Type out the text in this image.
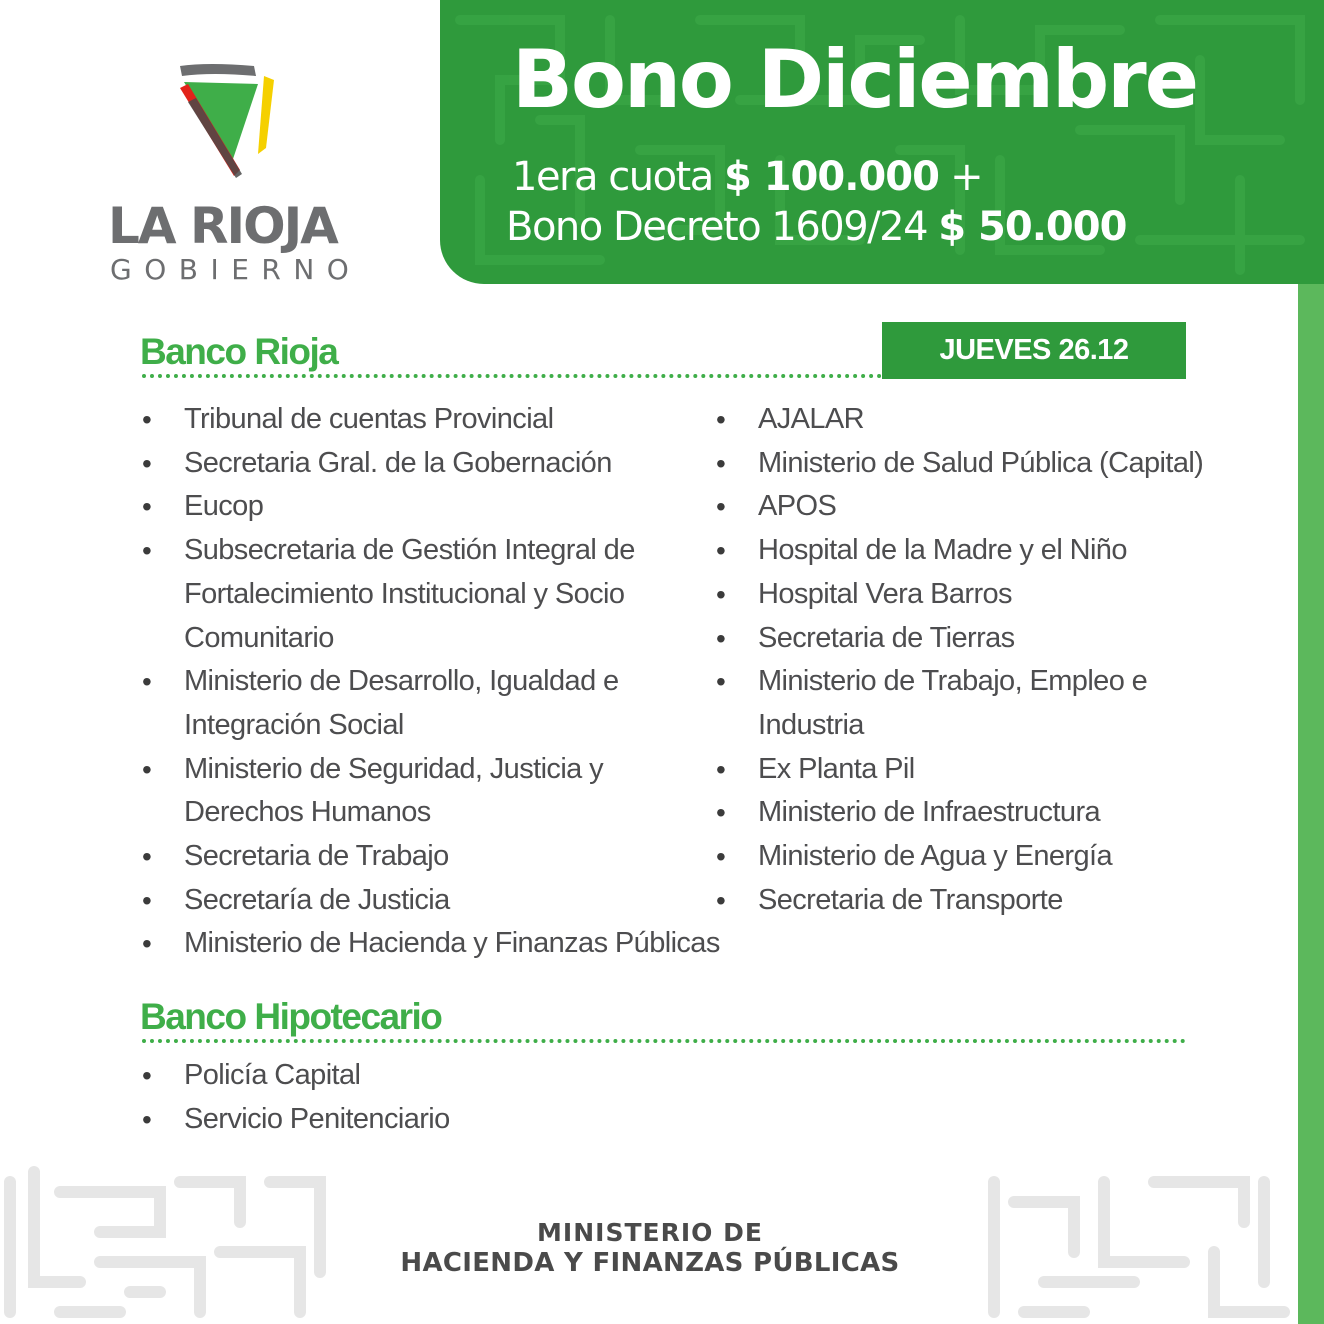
Bono Diciembre
1era cuota $ 100.000 +
Bono Decreto 1609/24 $ 50.000
LA RIOJA
GOBIERNO
Banco Rioja	JUEVES 26.12
• Tribunal de cuentas Provincial
• Secretaria Gral. de la Gobernación
• Eucop
• Subsecretaria de Gestión Integral de Fortalecimiento Institucional y Socio Comunitario
• Ministerio de Desarrollo, Igualdad e Integración Social
• Ministerio de Seguridad, Justicia y Derechos Humanos
• Secretaria de Trabajo
• Secretaría de Justicia
• Ministerio de Hacienda y Finanzas Públicas
• AJALAR
• Ministerio de Salud Pública (Capital)
• APOS
• Hospital de la Madre y el Niño
• Hospital Vera Barros
• Secretaria de Tierras
• Ministerio de Trabajo, Empleo e Industria
• Ex Planta Pil
• Ministerio de Infraestructura
• Ministerio de Agua y Energía
• Secretaria de Transporte
Banco Hipotecario
• Policía Capital
• Servicio Penitenciario
MINISTERIO DE
HACIENDA Y FINANZAS PÚBLICAS
